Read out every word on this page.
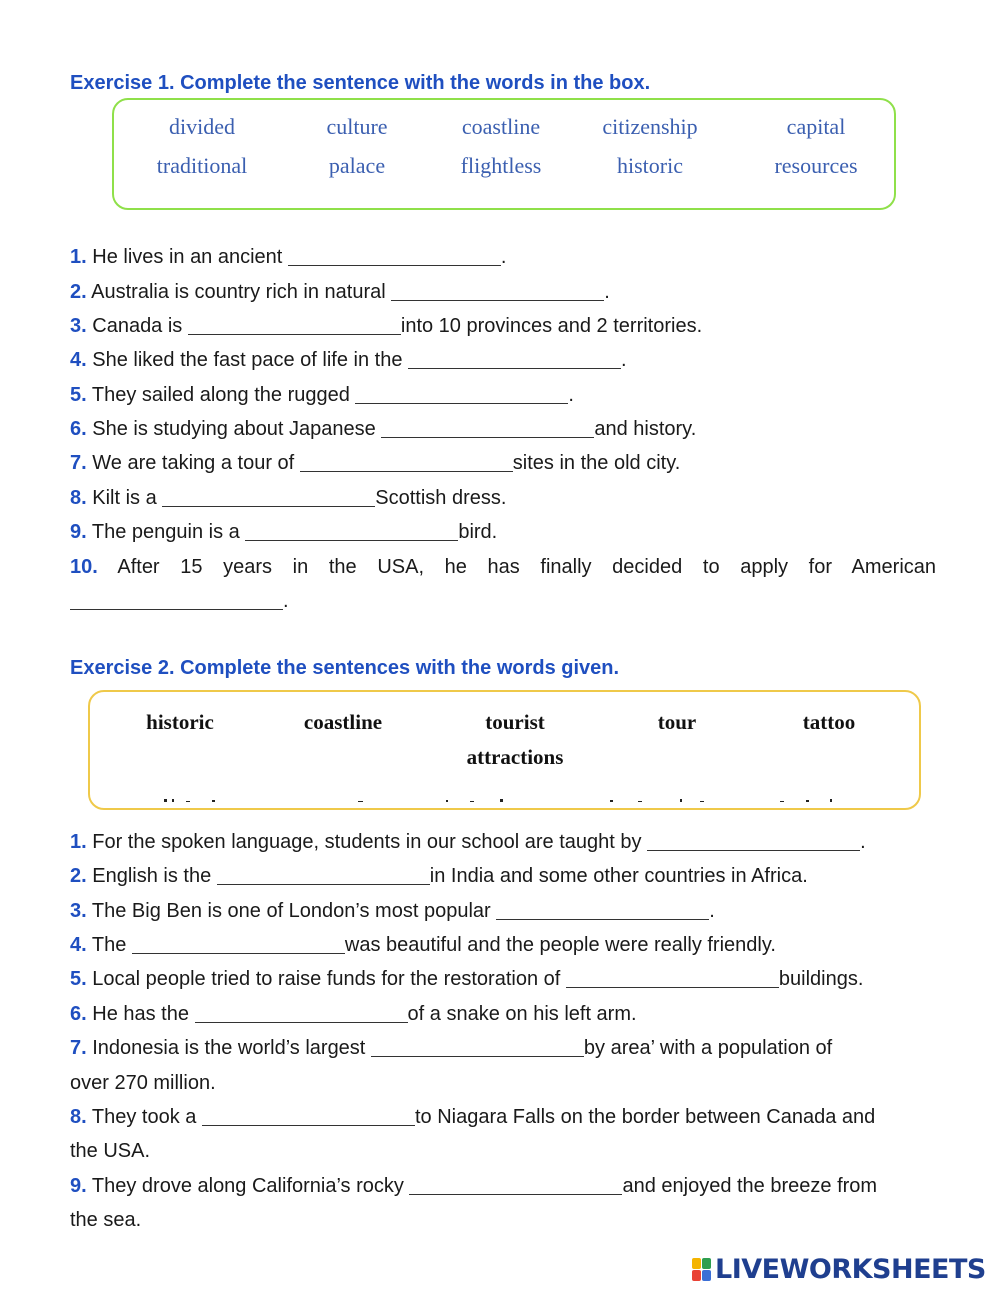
Exercise 1. Complete the sentence with the words in the box.
divided	culture	coastline	citizenship	capital
traditional	palace	flightless	historic	resources
1. He lives in an ancient	.
2. Australia is country rich in natural	.
3. Canada is	into 10 provinces and 2 territories.
4. She liked the fast pace of life in the	.
5. They sailed along the rugged	.
6. She is studying about Japanese	and history.
7. We are taking a tour of	sites in the old city.
8. Kilt is a	Scottish dress.
9. The penguin is a	bird.
10. After 15 years in the USA, he has finally decided to apply for American
.
Exercise 2. Complete the sentences with the words given.
historic	coastline	tourist	tour	tattoo
attractions
1. For the spoken language, students in our school are taught by	.
2. English is the	in India and some other countries in Africa.
3. The Big Ben is one of London’s most popular	.
4. The	was beautiful and the people were really friendly.
5. Local people tried to raise funds for the restoration of	buildings.
6. He has the	of a snake on his left arm.
7. Indonesia is the world’s largest	by area’ with a population of
over 270 million.
8. They took a	to Niagara Falls on the border between Canada and
the USA.
9. They drove along California’s rocky	and enjoyed the breeze from
the sea.
LIVEWORKSHEETS
